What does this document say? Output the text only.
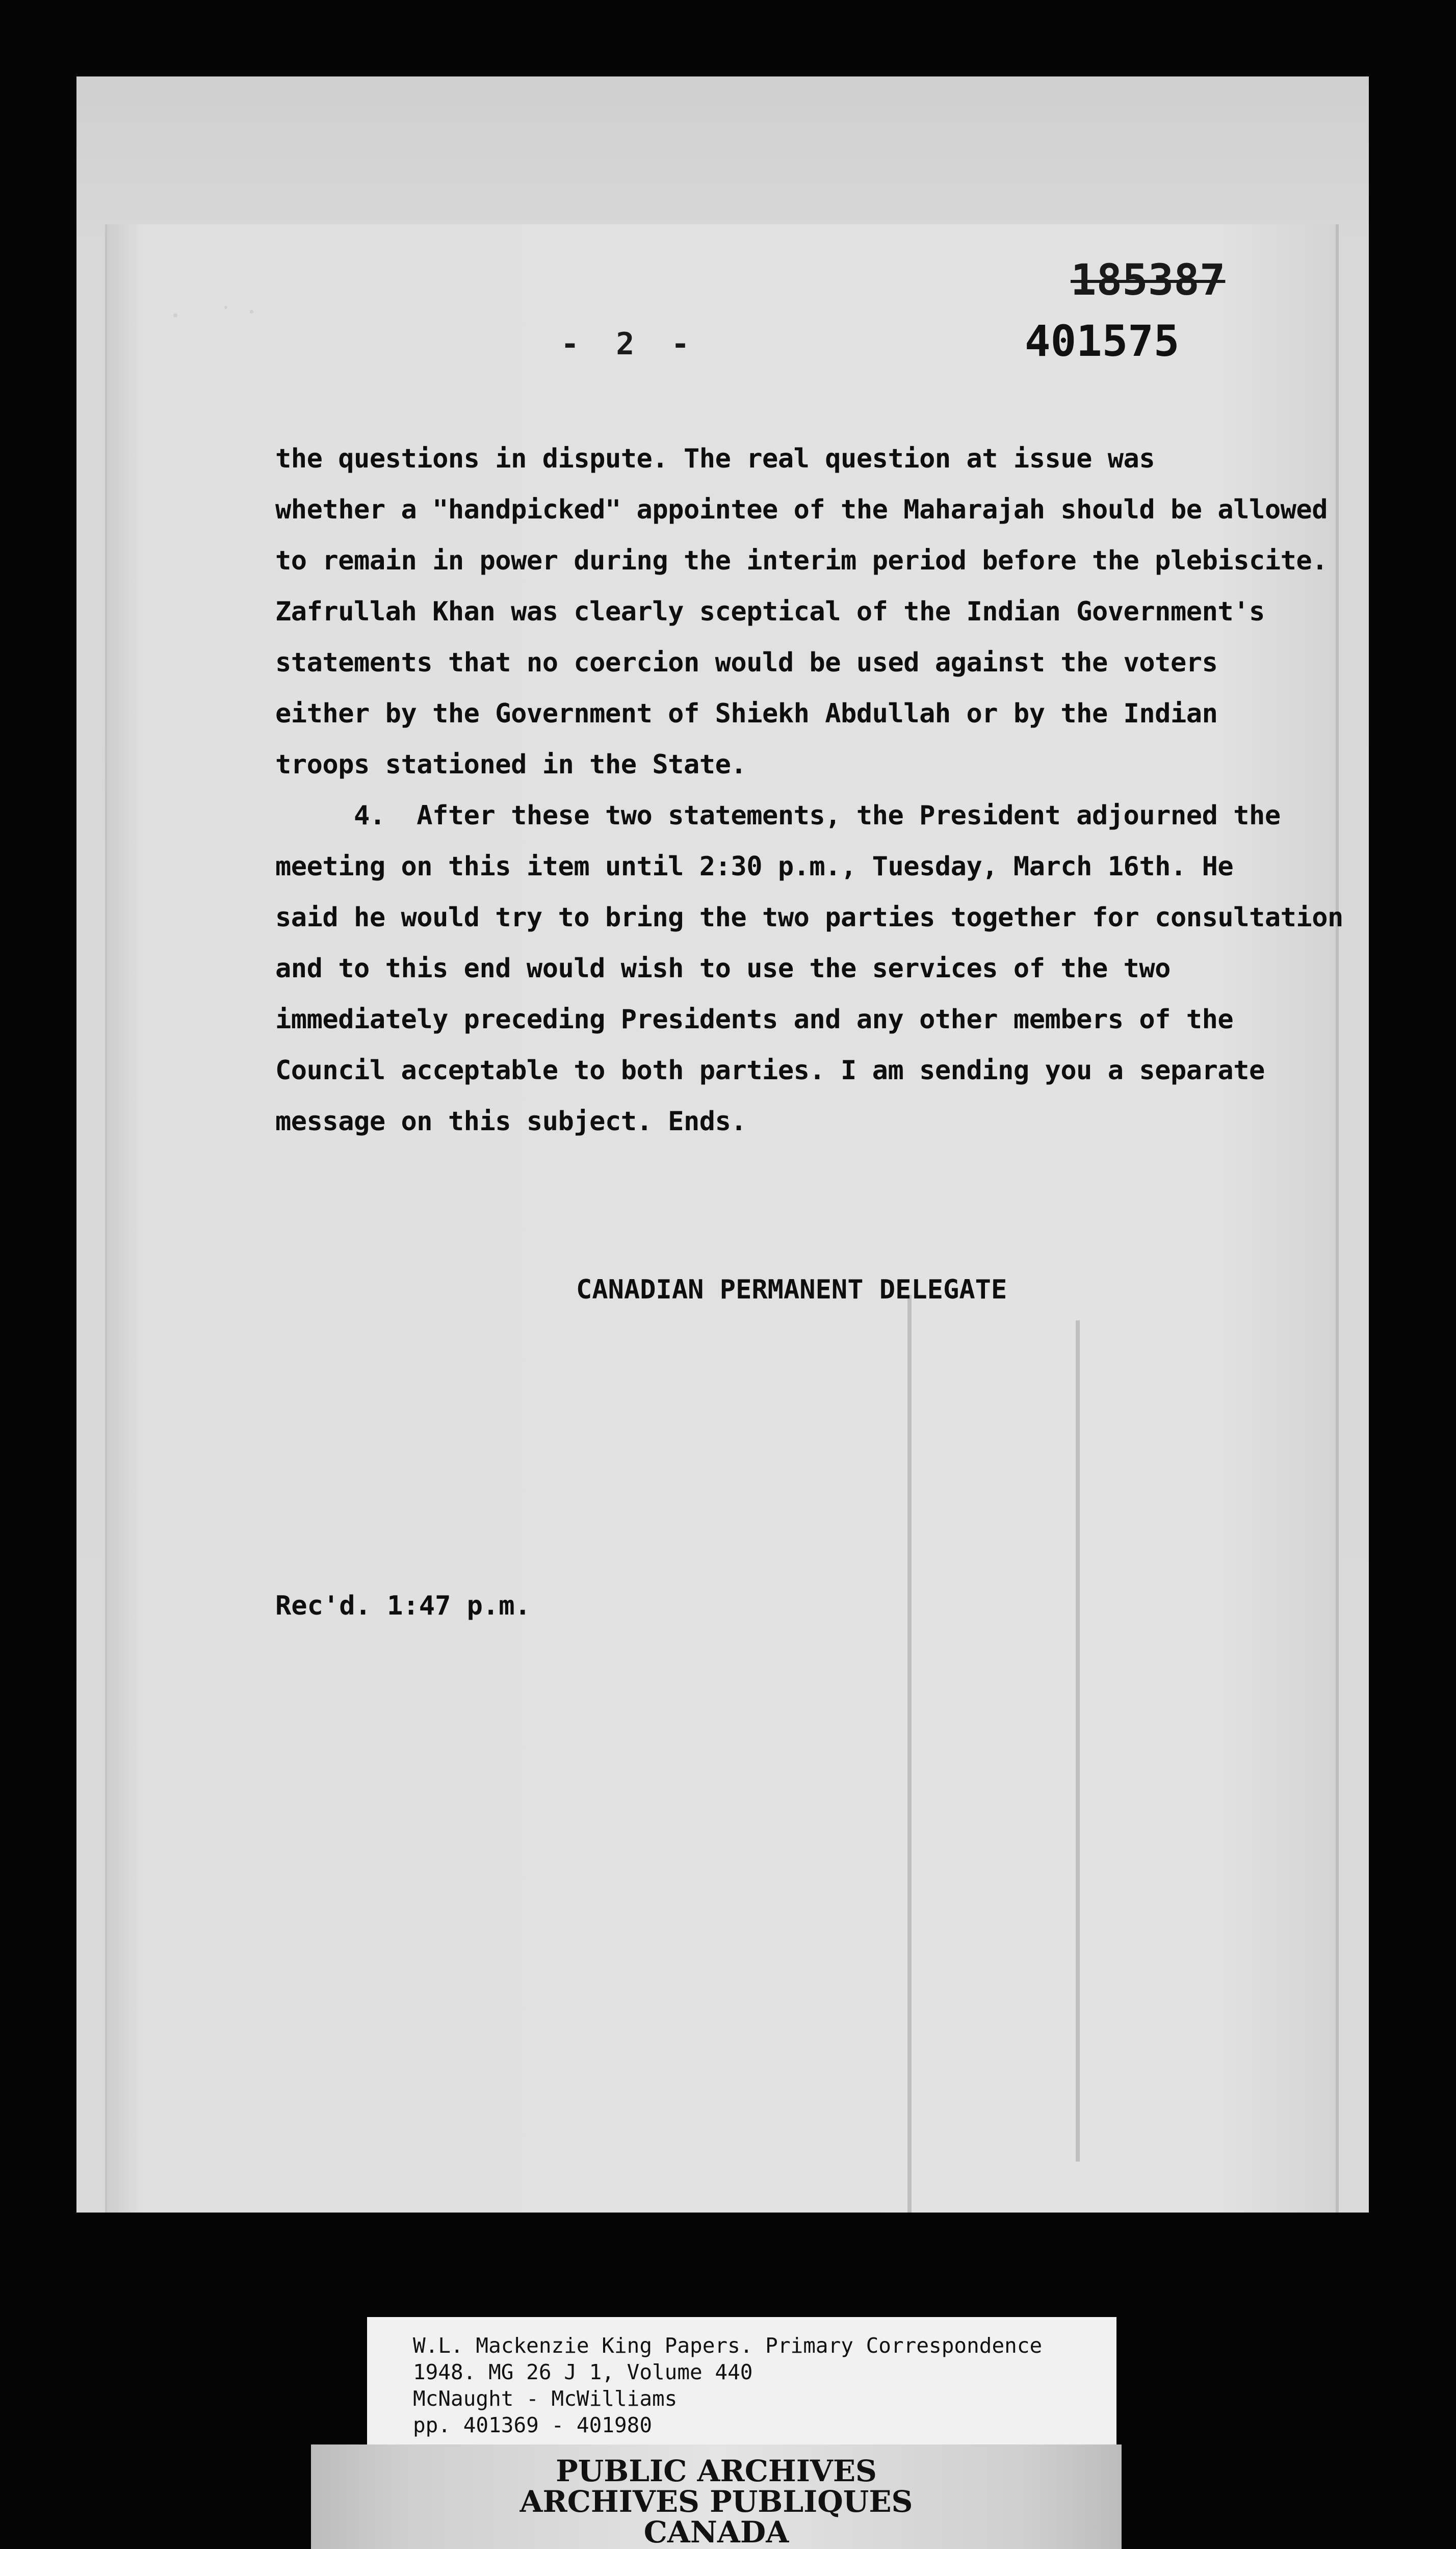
- 2 -
185387
401575

the questions in dispute. The real question at issue was

whether a "handpicked" appointee of the Maharajah should be allowed

to remain in power during the interim period before the plebiscite.

Zafrullah Khan was clearly sceptical of the Indian Government's

statements that no coercion would be used against the voters

either by the Government of Shiekh Abdullah or by the Indian

troops stationed in the State.

4.  After these two statements, the President adjourned the

meeting on this item until 2:30 p.m., Tuesday, March 16th. He

said he would try to bring the two parties together for consultation

and to this end would wish to use the services of the two

immediately preceding Presidents and any other members of the

Council acceptable to both parties. I am sending you a separate

message on this subject. Ends.

CANADIAN PERMANENT DELEGATE
Rec'd. 1:47 p.m.
W.L. Mackenzie King Papers. Primary Correspondence
1948. MG 26 J 1, Volume 440
McNaught - McWilliams
pp. 401369 - 401980
PUBLIC ARCHIVES
ARCHIVES PUBLIQUES
CANADA
